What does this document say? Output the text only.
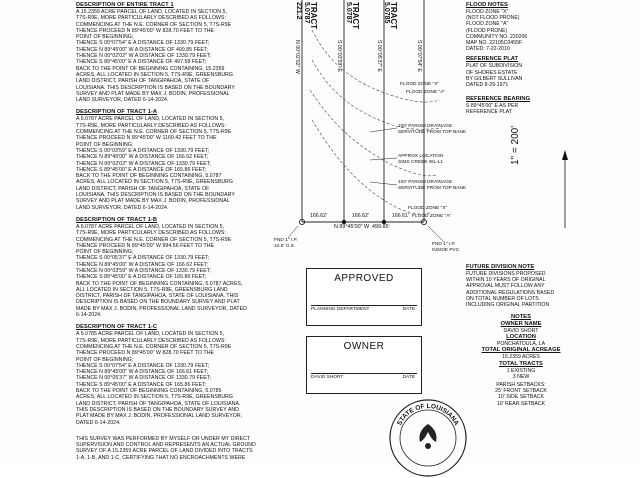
DESCRIPTION OF ENTIRE TRACT 1
A 15.2359 ACRE PARCEL OF LAND, LOCATED IN SECTION 5,
T7S-R9E, MORE PARTICULARLY DESCRIBED AS FOLLOWS:
COMMENCING AT THE N.E. CORNER OF SECTION 5, T7S-R9E
THENCE PROCEED N 89°45'00" W 828.70 FEET TO THE
POINT OF BEGINNING;
THENCE S 00°07'54" E A DISTANCE OF 1330.79 FEET;
THENCE N 89°45'00" W A DISTANCE OF 499.85 FEET;
THENCE N 00°02'02" W A DISTANCE OF 1330.79 FEET;
THENCE S 89°45'00" E A DISTANCE OF 497.58 FEET;
BACK TO THE POINT OF BEGINNING CONTAINING, 15.2359
ACRES, ALL LOCATED IN SECTION 5, T7S-R9E, GREENSBURG
LAND DISTRICT, PARISH OF TANGIPAHOA, STATE OF
LOUISIANA. THIS DESCRIPTION IS BASED ON THE BOUNDARY
SURVEY AND PLAT MADE BY MAX J. BODIN, PROFESSIONAL
LAND SURVEYOR, DATED 6-14-2024.
DESCRIPTION OF TRACT 1-A
A 5.0787 ACRE PARCEL OF LAND, LOCATED IN SECTION 5,
T7S-R9E, MORE PARTICULARLY DESCRIBED AS FOLLOWS:
COMMENCING AT THE N.E. CORNER OF SECTION 5, T7S-R9E
THENCE PROCEED N 89°45'00" W 1160.42 FEET TO THE
POINT OF BEGINNING;
THENCE S 00°03'59" E A DISTANCE OF 1330.79 FEET;
THENCE N 89°45'00" W A DISTANCE OF 166.62 FEET;
THENCE N 00°02'02" W A DISTANCE OF 1330.79 FEET;
THENCE S 89°45'00" E A DISTANCE OF 165.86 FEET;
BACK TO THE POINT OF BEGINNING CONTAINING, 5.0787
ACRES, ALL LOCATED IN SECTION 5, T7S-R9E, GREENSBURG
LAND DISTRICT, PARISH OF TANGIPAHOA, STATE OF
LOUISIANA. THIS DESCRIPTION IS BASED ON THE BOUNDARY
SURVEY AND PLAT MADE BY MAX J. BODIN, PROFESSIONAL
LAND SURVEYOR, DATED 6-14-2024.
DESCRIPTION OF TRACT 1-B
A 5.0787 ACRE PARCEL OF LAND, LOCATED IN SECTION 5,
T7S-R9E, MORE PARTICULARLY DESCRIBED AS FOLLOWS:
COMMENCING AT THE N.E. CORNER OF SECTION 5, T7S-R9E
THENCE PROCEED N 89°45'00" W 994.56 FEET TO THE
POINT OF BEGINNING;
THENCE S 00°05'37" E A DISTANCE OF 1330.79 FEET;
THENCE N 89°45'00" W A DISTANCE OF 166.62 FEET;
THENCE N 00°03'59" W A DISTANCE OF 1330.79 FEET;
THENCE S 89°45'00" E A DISTANCE OF 165.86 FEET;
BACK TO THE POINT OF BEGINNING CONTAINING, 5.0787 ACRES,
ALL LOCATED IN SECTION 5, T7S-R9E, GREENSBURG LAND
DISTRICT, PARISH OF TANGIPAHOA, STATE OF LOUISIANA. THIS
DESCRIPTION IS BASED ON THE BOUNDARY SURVEY AND PLAT
MADE BY MAX J. BODIN, PROFESSIONAL LAND SURVEYOR, DATED
6-14-2024.
DESCRIPTION OF TRACT 1-C
A 5.0785 ACRE PARCEL OF LAND, LOCATED IN SECTION 5,
T7S-R9E, MORE PARTICULARLY DESCRIBED AS FOLLOWS:
COMMENCING AT THE N.E. CORNER OF SECTION 5, T7S-R9E
THENCE PROCEED N 89°45'00" W 828.70 FEET TO THE
POINT OF BEGINNING;
THENCE S 00°07'54" E A DISTANCE OF 1330.79 FEET;
THENCE N 89°45'00" W A DISTANCE OF 166.61 FEET;
THENCE N 00°05'37" W A DISTANCE OF 1330.79 FEET;
THENCE S 89°45'00" E A DISTANCE OF 165.86 FEET;
BACK TO THE POINT OF BEGINNING CONTAINING, 5.0785
ACRES, ALL LOCATED IN SECTION 5, T7S-R9E, GREENSBURG
LAND DISTRICT, PARISH OF TANGIPAHOA, STATE OF LOUISIANA.
THIS DESCRIPTION IS BASED ON THE BOUNDARY SURVEY AND
PLAT MADE BY MAX J. BODIN, PROFESSIONAL LAND SURVEYOR,
DATED 6-14-2024.
THIS SURVEY WAS PERFORMED BY MYSELF OR UNDER MY DIRECT
SUPERVISION AND CONTROL AND REPRESENTS AN ACTUAL GROUND
SURVEY OF A 15.2359 ACRE PARCEL OF LAND DIVIDED INTO TRACTS
1-A, 1-B, AND 1-C, CERTIFYING THAT NO ENCROACHMENTS WERE
TRACT
5.0787
221.2	TRACT
5.0787	TRACT
5.0785
N 00°02'02" W	S 00°03'59" E	S 00°05'37" E	S 00°07'54" E
FLOOD ZONE "X"
FLOOD ZONE "A"
100' PARISH DRAINAGE
SERVITUDE FROM TOP BANK
APPROX LOCATION
SIMS CREEK WL-L1
100' PARISH DRAINAGE
SERVITUDE FROM TOP BANK
FLOOD ZONE "X"
FLOOD ZONE "A"
166.62'	166.62'	166.61'
N 89°45'00" W 499.85'
FND 1" I.P.
10.5' O.S.	FND 1" I.P.
INSIDE PVC
APPROVED
PLANNING DEPARTMENT	DATE
OWNER
DAVID SHORT	DATE
1" = 200'
FLOOD NOTES
FLOOD ZONE "X"
(NOT FLOOD PRONE)
FLOOD ZONE "A"
(FLOOD PRONE)
COMMUNITY NO. 220206
MAP NO. 22105C0455F
DATED: 7-22-2010
REFERENCE PLAT
PLAT OF SUBDIVISION
OF SHORES ESTATE
BY GILBERT SULLIVAN
DATED 8-29-1971
REFERENCE BEARING
S 89°45'00" E AS PER
REFERENCE PLAT
FUTURE DIVISION NOTE
FUTURE DIVISIONS PROPOSED
WITHIN 10 YEARS OF ORIGINAL
APPROVAL MUST FOLLOW ANY
ADDITIONAL REGULATIONS BASED
ON TOTAL NUMBER OF LOTS
INCLUDING ORIGINAL PARTITION
NOTES
OWNER NAME
DAVID SHORT
LOCATION
PONCHATOULA, LA
TOTAL ORIGINAL ACREAGE
15.2359 ACRES
TOTAL TRACTS
1 EXISTING
3 NEW
PARISH SETBACKS:
25' FRONT SETBACK
10' SIDE SETBACK
10' REAR SETBACK
STATE OF LOUISIANA
